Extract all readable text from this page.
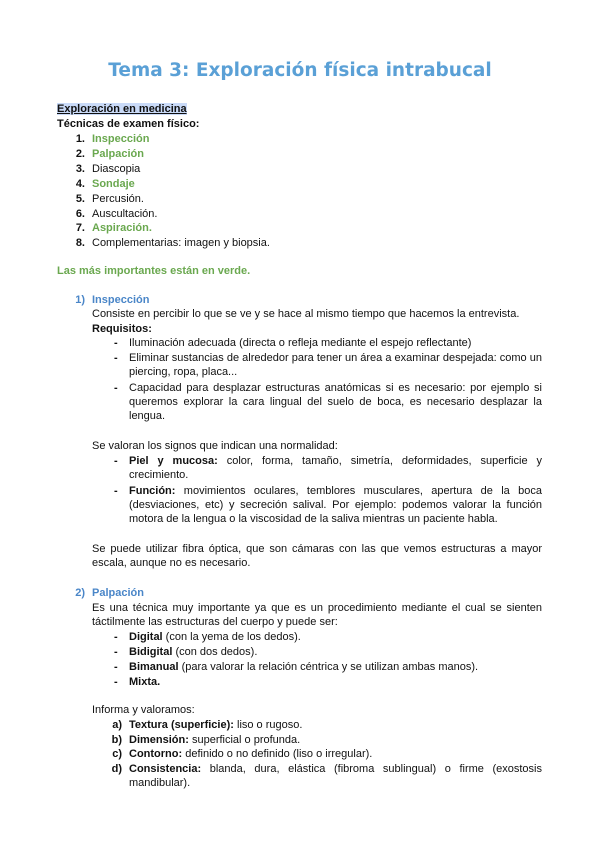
Tema 3: Exploración física intrabucal
Exploración en medicina
Técnicas de examen físico:
1. Inspección
2. Palpación
3. Diascopia
4. Sondaje
5. Percusión.
6. Auscultación.
7. Aspiración.
8. Complementarias: imagen y biopsia.
Las más importantes están en verde.
1) Inspección
Consiste en percibir lo que se ve y se hace al mismo tiempo que hacemos la entrevista.
Requisitos:
- Iluminación adecuada (directa o refleja mediante el espejo reflectante)
- Eliminar sustancias de alrededor para tener un área a examinar despejada: como un piercing, ropa, placa...
- Capacidad para desplazar estructuras anatómicas si es necesario: por ejemplo si queremos explorar la cara lingual del suelo de boca, es necesario desplazar la lengua.
Se valoran los signos que indican una normalidad:
- Piel y mucosa: color, forma, tamaño, simetría, deformidades, superficie y crecimiento.
- Función: movimientos oculares, temblores musculares, apertura de la boca (desviaciones, etc) y secreción salival. Por ejemplo: podemos valorar la función motora de la lengua o la viscosidad de la saliva mientras un paciente habla.
Se puede utilizar fibra óptica, que son cámaras con las que vemos estructuras a mayor escala, aunque no es necesario.
2) Palpación
Es una técnica muy importante ya que es un procedimiento mediante el cual se sienten táctilmente las estructuras del cuerpo y puede ser:
- Digital (con la yema de los dedos).
- Bidigital (con dos dedos).
- Bimanual (para valorar la relación céntrica y se utilizan ambas manos).
- Mixta.
Informa y valoramos:
a) Textura (superficie): liso o rugoso.
b) Dimensión: superficial o profunda.
c) Contorno: definido o no definido (liso o irregular).
d) Consistencia: blanda, dura, elástica (fibroma sublingual) o firme (exostosis mandibular).
